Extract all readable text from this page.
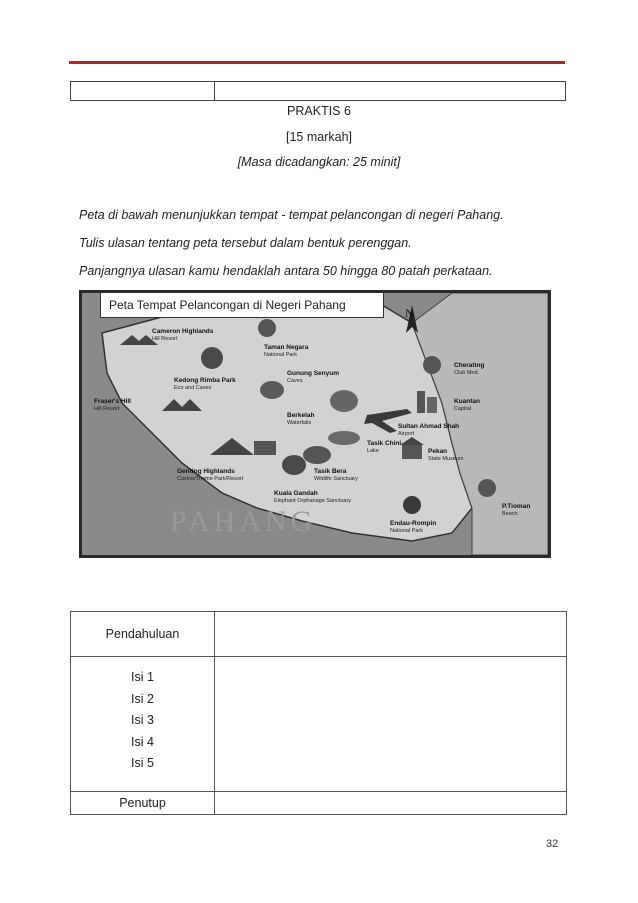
PRAKTIS 6
[15 markah]
[Masa dicadangkan: 25 minit]
Peta di bawah menunjukkan tempat - tempat pelancongan di negeri Pahang.
Tulis ulasan tentang peta tersebut dalam bentuk perenggan.
Panjangnya ulasan kamu hendaklah antara 50 hingga 80 patah perkataan.
Peta Tempat Pelancongan di Negeri Pahang
N
PAHANG
Cameron Highlands
Hill Resort
Taman Negara
National Park
Kedong Rimba Park
Eco and Caves
Gunung Senyum
Caves
Cherating
Club Med.
Fraser's Hill
Hill Resort
Berkelah
Waterfalls
Kuantan
Capital
Sultan Ahmad Shah
Airport
Tasik Chini
Lake	Pekan
State Museum
Genting Highlands
Casino/Theme Park/Resort
Tasik Bera
Wildlife Sanctuary
Kuala Gandah
Elephant Orphanage Sanctuary
P.Tioman
Beach
Endau-Rompin
National Park
Pendahuluan	

Isi 1
Isi 2
Isi 3
Isi 4
Isi 5	

Penutup	
32
